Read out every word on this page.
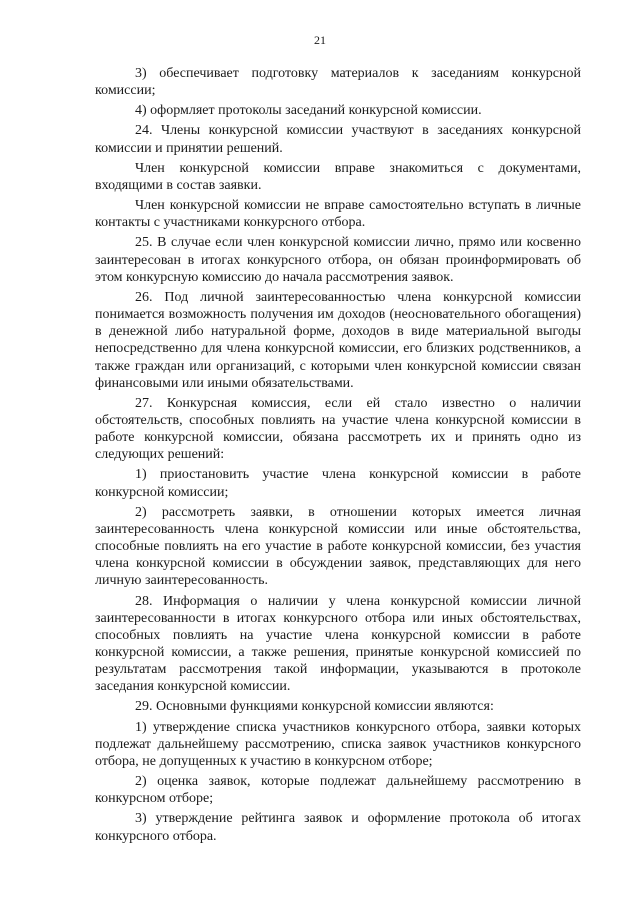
21

3) обеспечивает подготовку материалов к заседаниям конкурсной комиссии;

4) оформляет протоколы заседаний конкурсной комиссии.

24. Члены конкурсной комиссии участвуют в заседаниях конкурсной комиссии и принятии решений.

Член конкурсной комиссии вправе знакомиться с документами, входящими в состав заявки.

Член конкурсной комиссии не вправе самостоятельно вступать в личные контакты с участниками конкурсного отбора.

25. В случае если член конкурсной комиссии лично, прямо или косвенно заинтересован в итогах конкурсного отбора, он обязан проинформировать об этом конкурсную комиссию до начала рассмотрения заявок.

26. Под личной заинтересованностью члена конкурсной комиссии понимается возможность получения им доходов (неосновательного обогащения) в денежной либо натуральной форме, доходов в виде материальной выгоды непосредственно для члена конкурсной комиссии, его близких родственников, а также граждан или организаций, с которыми член конкурсной комиссии связан финансовыми или иными обязательствами.

27. Конкурсная комиссия, если ей стало известно о наличии обстоятельств, способных повлиять на участие члена конкурсной комиссии в работе конкурсной комиссии, обязана рассмотреть их и принять одно из следующих решений:

1) приостановить участие члена конкурсной комиссии в работе конкурсной комиссии;

2) рассмотреть заявки, в отношении которых имеется личная заинтересованность члена конкурсной комиссии или иные обстоятельства, способные повлиять на его участие в работе конкурсной комиссии, без участия члена конкурсной комиссии в обсуждении заявок, представляющих для него личную заинтересованность.

28. Информация о наличии у члена конкурсной комиссии личной заинтересованности в итогах конкурсного отбора или иных обстоятельствах, способных повлиять на участие члена конкурсной комиссии в работе конкурсной комиссии, а также решения, принятые конкурсной комиссией по результатам рассмотрения такой информации, указываются в протоколе заседания конкурсной комиссии.

29. Основными функциями конкурсной комиссии являются:

1) утверждение списка участников конкурсного отбора, заявки которых подлежат дальнейшему рассмотрению, списка заявок участников конкурсного отбора, не допущенных к участию в конкурсном отборе;

2) оценка заявок, которые подлежат дальнейшему рассмотрению в конкурсном отборе;

3) утверждение рейтинга заявок и оформление протокола об итогах конкурсного отбора.
